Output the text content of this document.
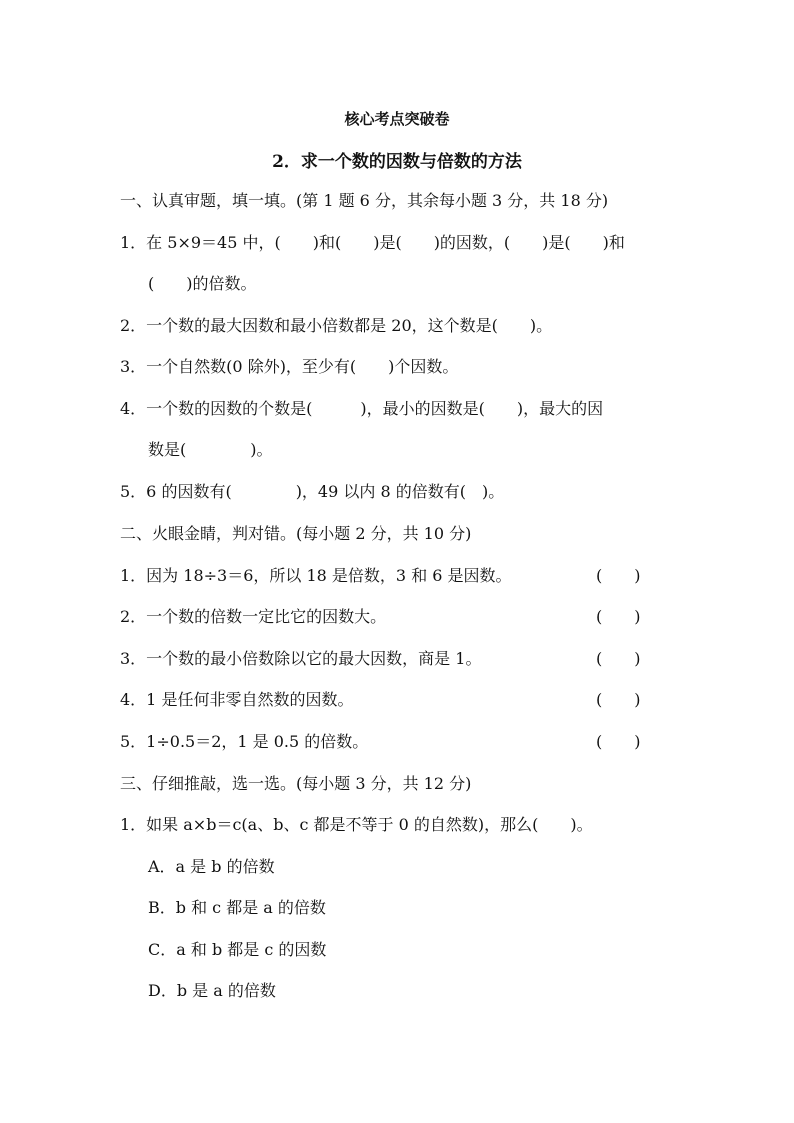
核心考点突破卷
2．求一个数的因数与倍数的方法
一、认真审题，填一填。(第 1 题 6 分，其余每小题 3 分，共 18 分)
1．在 5×9＝45 中，(　　)和(　　)是(　　)的因数，(　　)是(　　)和
(　　)的倍数。
2．一个数的最大因数和最小倍数都是 20，这个数是(　　)。
3．一个自然数(0 除外)，至少有(　　)个因数。
4．一个数的因数的个数是(　　　)，最小的因数是(　　)，最大的因
数是(　　　　)。
5．6 的因数有(　　　　)，49 以内 8 的倍数有(　)。
二、火眼金睛，判对错。(每小题 2 分，共 10 分)
1．因为 18÷3＝6，所以 18 是倍数，3 和 6 是因数。	(　　)
2．一个数的倍数一定比它的因数大。	(　　)
3．一个数的最小倍数除以它的最大因数，商是 1。	(　　)
4．1 是任何非零自然数的因数。	(　　)
5．1÷0.5＝2，1 是 0.5 的倍数。	(　　)
三、仔细推敲，选一选。(每小题 3 分，共 12 分)
1．如果 a×b＝c(a、b、c 都是不等于 0 的自然数)，那么(　　)。
A．a 是 b 的倍数
B．b 和 c 都是 a 的倍数
C．a 和 b 都是 c 的因数
D．b 是 a 的倍数
